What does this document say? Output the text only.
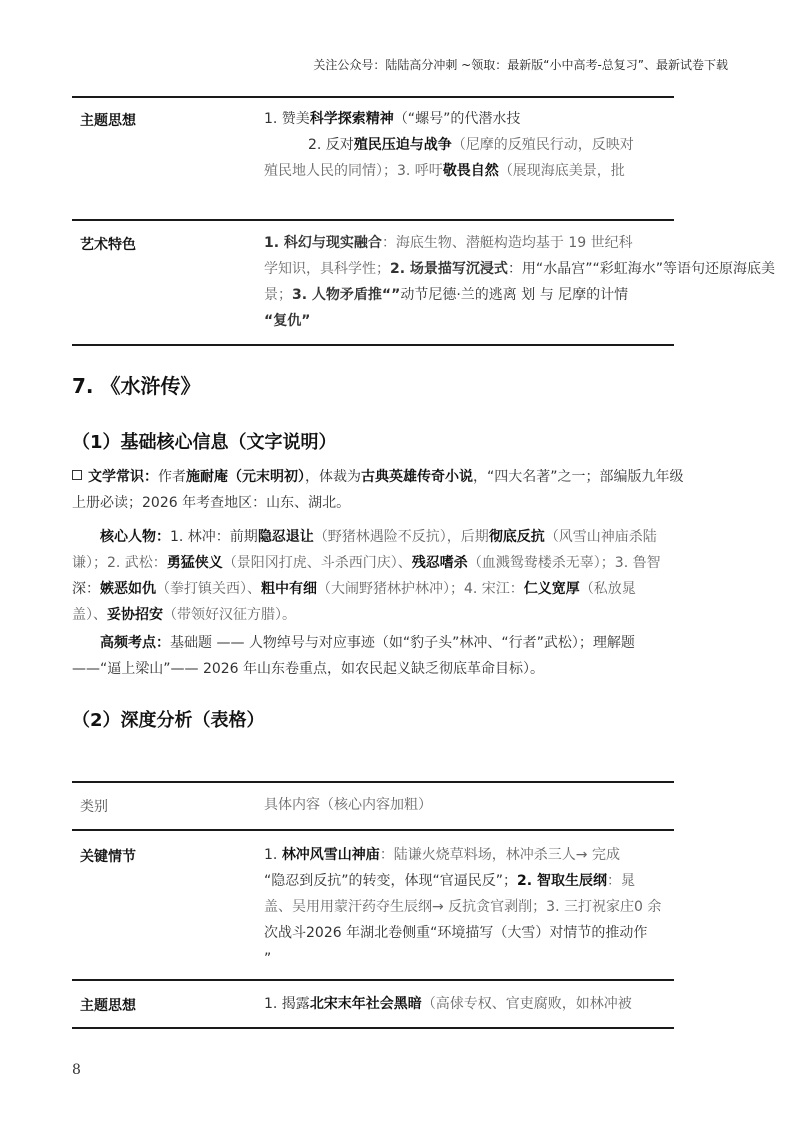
关注公众号：陆陆高分冲刺 ~领取：最新版“小中高考-总复习”、最新试卷下载
主题思想	1. 赞美科学探索精神（“螺号”的代潜水技
2. 反对殖民压迫与战争（尼摩的反殖民行动，反映对
殖民地人民的同情）；3. 呼吁敬畏自然（展现海底美景，批
艺术特色	1. 科幻与现实融合：海底生物、潜艇构造均基于 19 世纪科
学知识，具科学性；2. 场景描写沉浸式：用“水晶宫”“彩虹海水”等语句还原海底美
景；3. 人物矛盾推“”动节尼德·兰的逃离 划 与 尼摩的计情
“复仇”
7. 《水浒传》
（1）基础核心信息（文字说明）
文学常识：作者施耐庵（元末明初），体裁为古典英雄传奇小说，“四大名著”之一；部编版九年级
上册必读；2026 年考查地区：山东、湖北。
核心人物：1. 林冲：前期隐忍退让（野猪林遇险不反抗），后期彻底反抗（风雪山神庙杀陆
谦）；2. 武松：勇猛侠义（景阳冈打虎、斗杀西门庆）、残忍嗜杀（血溅鸳鸯楼杀无辜）；3. 鲁智
深：嫉恶如仇（拳打镇关西）、粗中有细（大闹野猪林护林冲）；4. 宋江：仁义宽厚（私放晁
盖）、妥协招安（带领好汉征方腊）。
高频考点：基础题 —— 人物绰号与对应事迹（如“豹子头”林冲、“行者”武松）；理解题
——“逼上梁山”—— 2026 年山东卷重点，如农民起义缺乏彻底革命目标）。
（2）深度分析（表格）
类别	具体内容（核心内容加粗）
关键情节	1. 林冲风雪山神庙：陆谦火烧草料场，林冲杀三人→ 完成
“隐忍到反抗”的转变，体现“官逼民反”；2. 智取生辰纲：晁
盖、吴用用蒙汗药夺生辰纲→ 反抗贪官剥削；3. 三打祝家庄0 余
次战斗2026 年湖北卷侧重“环境描写（大雪）对情节的推动作
”
主题思想	1. 揭露北宋末年社会黑暗（高俅专权、官吏腐败，如林冲被
8
